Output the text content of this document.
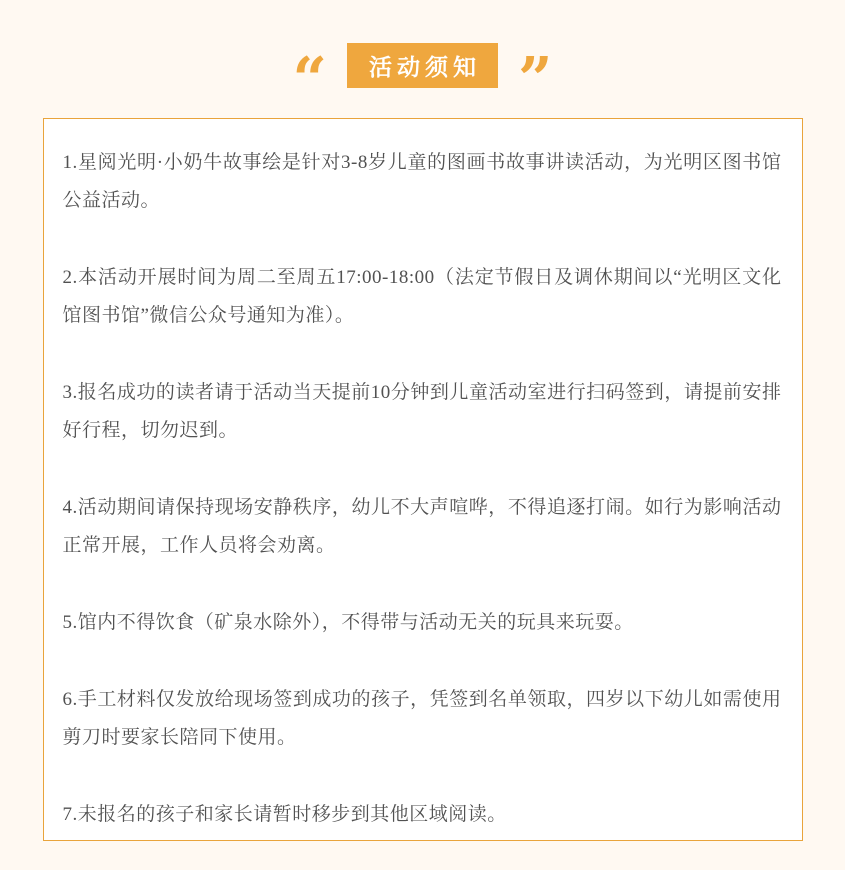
“	活动须知 ”

1.星阅光明·小奶牛故事绘是针对3-8岁儿童的图画书故事讲读活动，为光明区图书馆公益活动。

2.本活动开展时间为周二至周五17:00-18:00（法定节假日及调休期间以“光明区文化馆图书馆”微信公众号通知为准）。

3.报名成功的读者请于活动当天提前10分钟到儿童活动室进行扫码签到，请提前安排好行程，切勿迟到。

4.活动期间请保持现场安静秩序，幼儿不大声喧哗，不得追逐打闹。如行为影响活动正常开展，工作人员将会劝离。

5.馆内不得饮食（矿泉水除外），不得带与活动无关的玩具来玩耍。

6.手工材料仅发放给现场签到成功的孩子，凭签到名单领取，四岁以下幼儿如需使用剪刀时要家长陪同下使用。

7.未报名的孩子和家长请暂时移步到其他区域阅读。
